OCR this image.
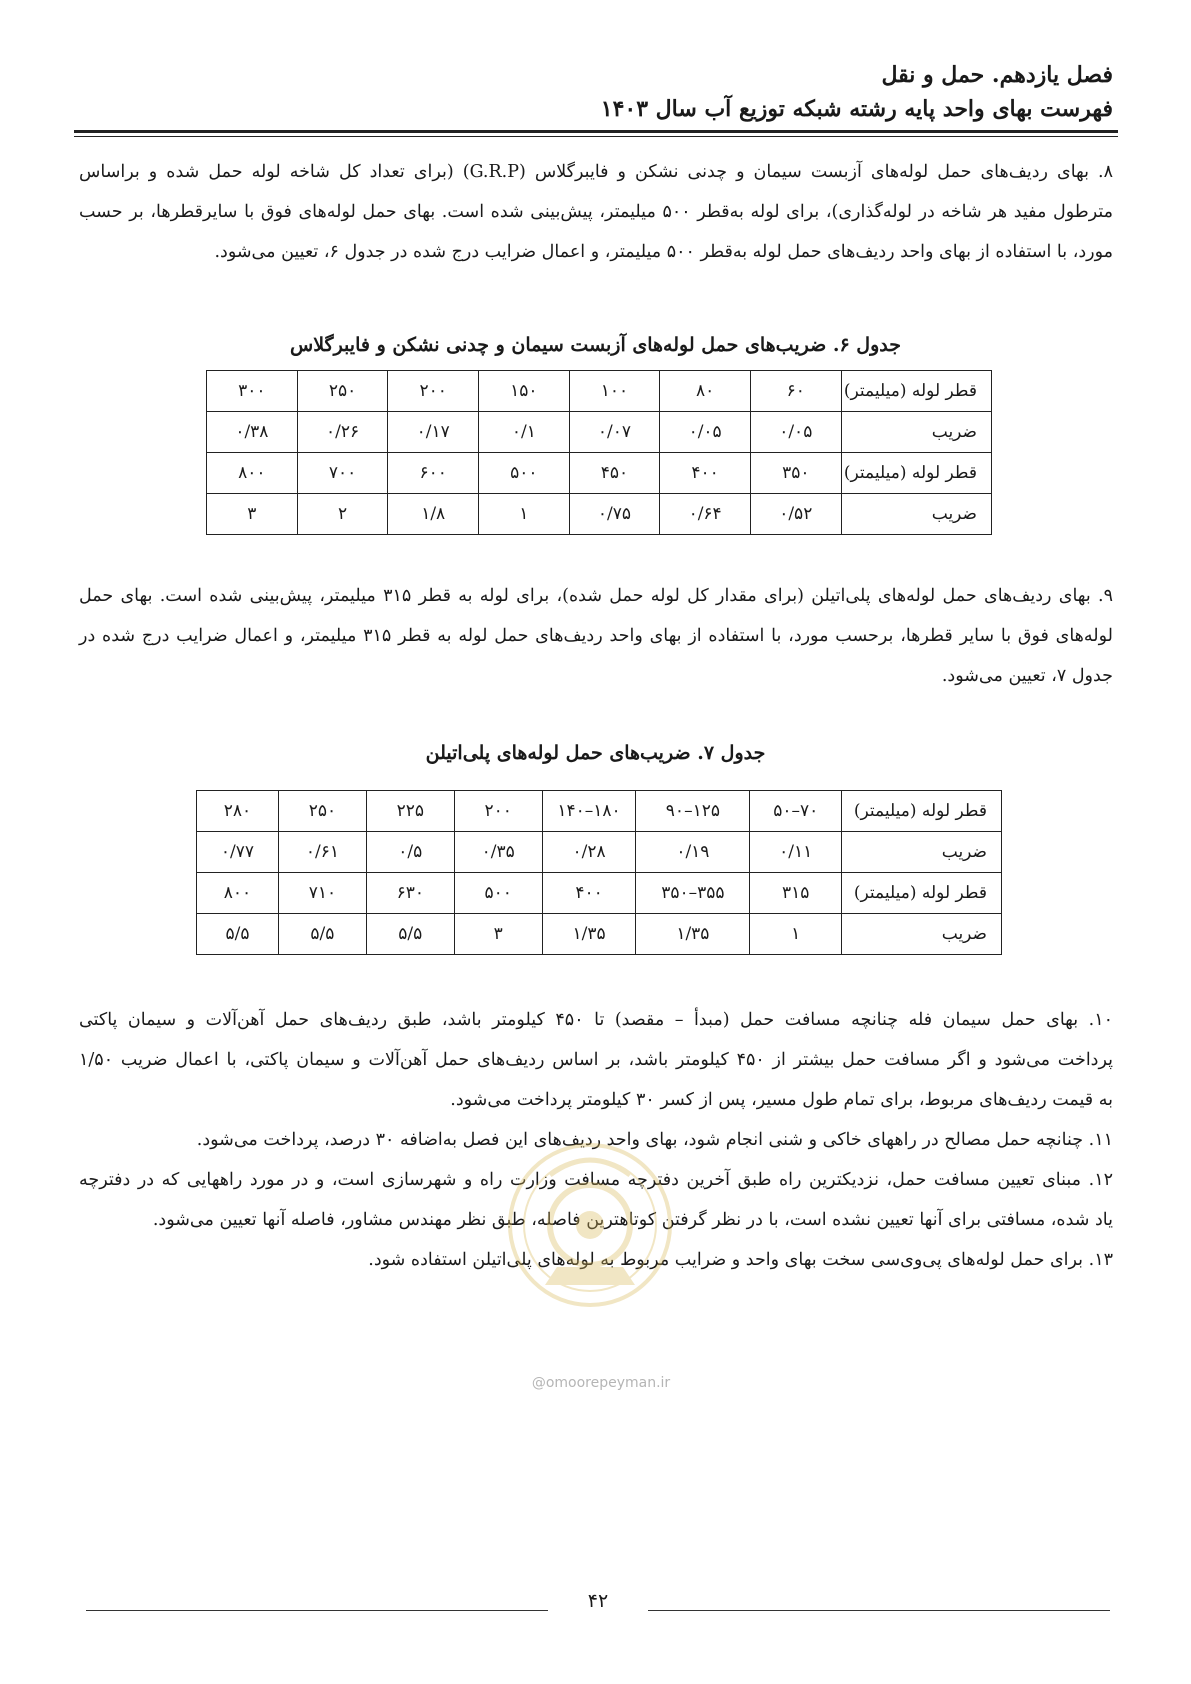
فصل یازدهم. حمل و نقل
فهرست بهای واحد پایه رشته شبکه توزیع آب سال ۱۴۰۳
۸. بهای ردیف‌های حمل لوله‌های آزبست سیمان و چدنی نشکن و فایبرگلاس (G.R.P) (برای تعداد کل شاخه لوله حمل شده و براساس
مترطول مفید هر شاخه در لوله‌گذاری)، برای لوله به‌قطر ۵۰۰ میلیمتر، پیش‌بینی شده است. بهای حمل لوله‌های فوق با سایرقطرها، بر حسب
مورد، با استفاده از بهای واحد ردیف‌های حمل لوله به‌قطر ۵۰۰ میلیمتر، و اعمال ضرایب درج شده در جدول ۶، تعیین می‌شود.
جدول ۶. ضریب‌های حمل لوله‌های آزبست سیمان و چدنی نشکن و فایبرگلاس
قطر لوله (میلیمتر)	۶۰	۸۰	۱۰۰	۱۵۰	۲۰۰	۲۵۰	۳۰۰
ضریب	۰/۰۵	۰/۰۵	۰/۰۷	۰/۱	۰/۱۷	۰/۲۶	۰/۳۸
قطر لوله (میلیمتر)	۳۵۰	۴۰۰	۴۵۰	۵۰۰	۶۰۰	۷۰۰	۸۰۰
ضریب	۰/۵۲	۰/۶۴	۰/۷۵	۱	۱/۸	۲	۳
۹. بهای ردیف‌های حمل لوله‌های پلی‌اتیلن (برای مقدار کل لوله حمل شده)، برای لوله به قطر ۳۱۵ میلیمتر، پیش‌بینی شده است. بهای حمل
لوله‌های فوق با سایر قطرها، برحسب مورد، با استفاده از بهای واحد ردیف‌های حمل لوله به قطر ۳۱۵ میلیمتر، و اعمال ضرایب درج شده در
جدول ۷، تعیین می‌شود.
جدول ۷. ضریب‌های حمل لوله‌های پلی‌اتیلن
قطر لوله (میلیمتر)	۷۰–۵۰	۱۲۵–۹۰	۱۸۰–۱۴۰	۲۰۰	۲۲۵	۲۵۰	۲۸۰
ضریب	۰/۱۱	۰/۱۹	۰/۲۸	۰/۳۵	۰/۵	۰/۶۱	۰/۷۷
قطر لوله (میلیمتر)	۳۱۵	۳۵۵–۳۵۰	۴۰۰	۵۰۰	۶۳۰	۷۱۰	۸۰۰
ضریب	۱	۱/۳۵	۱/۳۵	۳	۵/۵	۵/۵	۵/۵
۱۰. بهای حمل سیمان فله چنانچه مسافت حمل (مبدأ – مقصد) تا ۴۵۰ کیلومتر باشد، طبق ردیف‌های حمل آهن‌آلات و سیمان پاکتی
پرداخت می‌شود و اگر مسافت حمل بیشتر از ۴۵۰ کیلومتر باشد، بر اساس ردیف‌های حمل آهن‌آلات و سیمان پاکتی، با اعمال ضریب ۱/۵۰
به قیمت ردیف‌های مربوط، برای تمام طول مسیر، پس از کسر ۳۰ کیلومتر پرداخت می‌شود.
۱۱. چنانچه حمل مصالح در راههای خاکی و شنی انجام شود، بهای واحد ردیف‌های این فصل به‌اضافه ۳۰ درصد، پرداخت می‌شود.
۱۲. مبنای تعیین مسافت حمل، نزدیکترین راه طبق آخرین دفترچه مسافت وزارت راه و شهرسازی است، و در مورد راههایی که در دفترچه
یاد شده، مسافتی برای آنها تعیین نشده است، با در نظر گرفتن کوتاهترین فاصله، طبق نظر مهندس مشاور، فاصله آنها تعیین می‌شود.
۱۳. برای حمل لوله‌های پی‌وی‌سی سخت بهای واحد و ضرایب مربوط به لوله‌های پلی‌اتیلن استفاده شود.
@omoorepeyman.ir
۴۲
